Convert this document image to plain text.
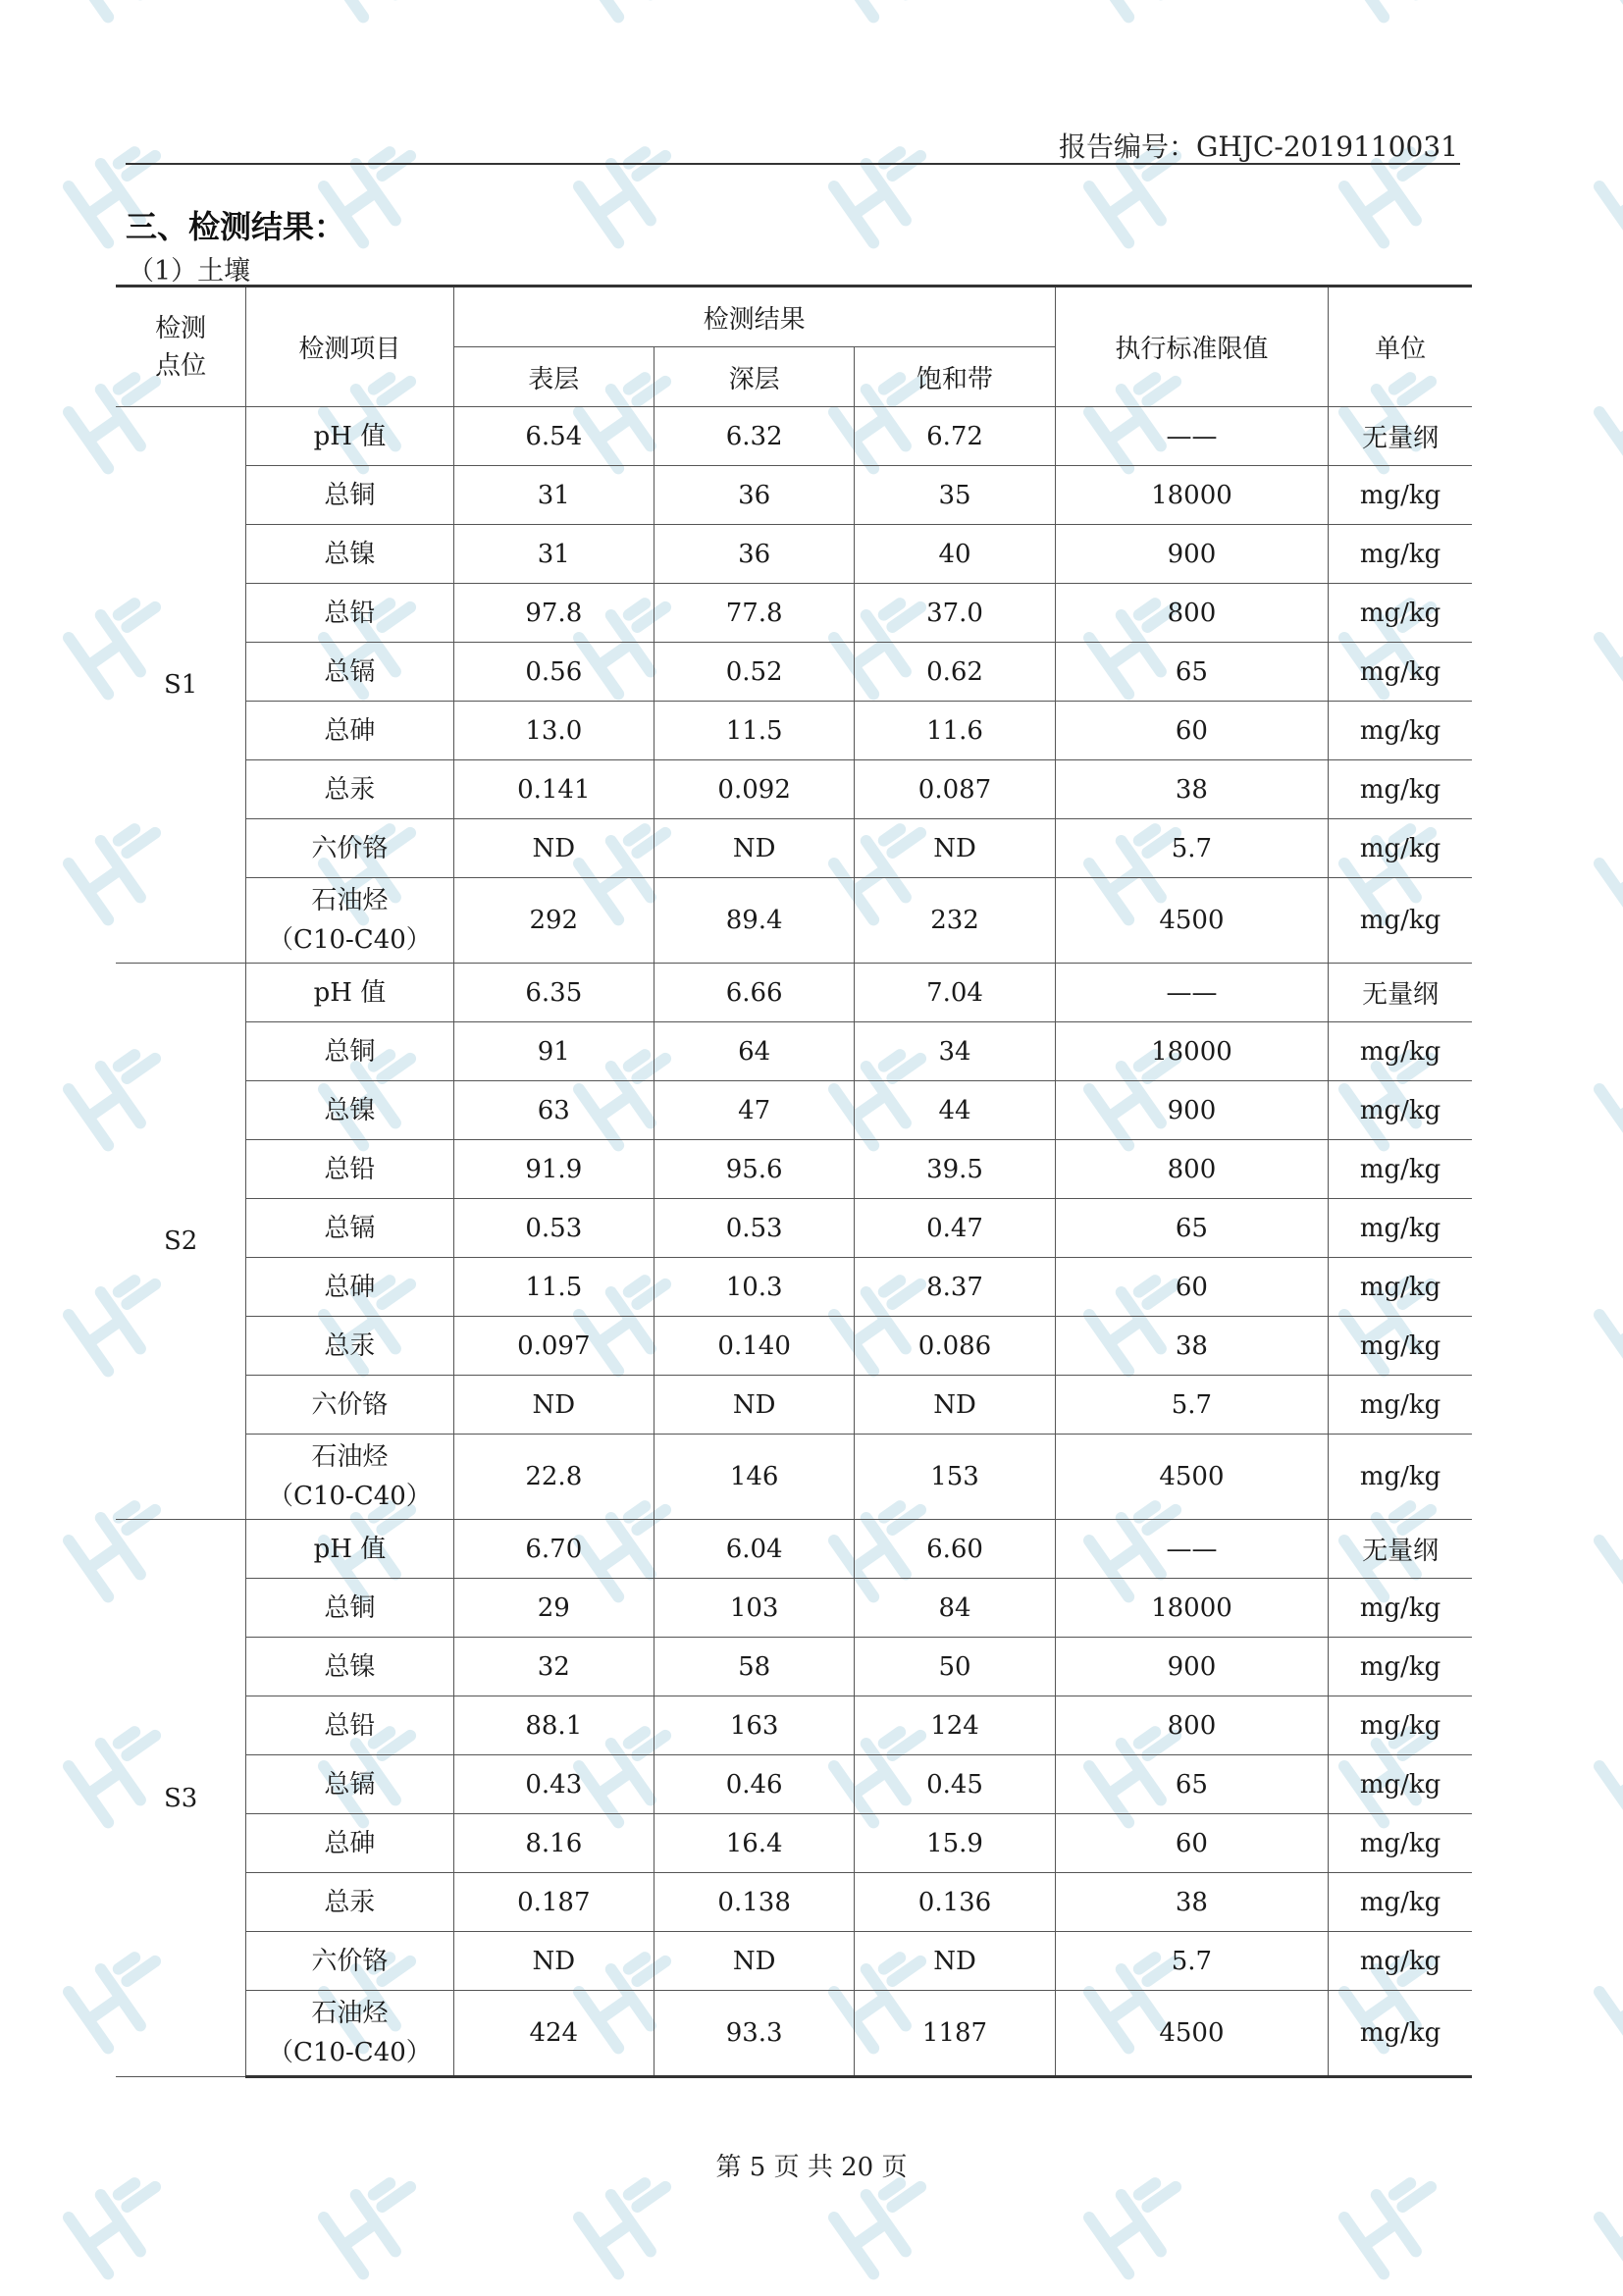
报告编号：GHJC-2019110031
三、检测结果：
（1）土壤
检测
点位	检测项目	检测结果			执行标准限值	单位
		表层	深层	饱和带		
S1	pH 值	6.54	6.32	6.72	——	无量纲
	总铜	31	36	35	18000	mg/kg
	总镍	31	36	40	900	mg/kg
	总铅	97.8	77.8	37.0	800	mg/kg
	总镉	0.56	0.52	0.62	65	mg/kg
	总砷	13.0	11.5	11.6	60	mg/kg
	总汞	0.141	0.092	0.087	38	mg/kg
	六价铬	ND	ND	ND	5.7	mg/kg
	石油烃
（C10-C40）	292	89.4	232	4500	mg/kg
S2	pH 值	6.35	6.66	7.04	——	无量纲
	总铜	91	64	34	18000	mg/kg
	总镍	63	47	44	900	mg/kg
	总铅	91.9	95.6	39.5	800	mg/kg
	总镉	0.53	0.53	0.47	65	mg/kg
	总砷	11.5	10.3	8.37	60	mg/kg
	总汞	0.097	0.140	0.086	38	mg/kg
	六价铬	ND	ND	ND	5.7	mg/kg
	石油烃
（C10-C40）	22.8	146	153	4500	mg/kg
S3	pH 值	6.70	6.04	6.60	——	无量纲
	总铜	29	103	84	18000	mg/kg
	总镍	32	58	50	900	mg/kg
	总铅	88.1	163	124	800	mg/kg
	总镉	0.43	0.46	0.45	65	mg/kg
	总砷	8.16	16.4	15.9	60	mg/kg
	总汞	0.187	0.138	0.136	38	mg/kg
	六价铬	ND	ND	ND	5.7	mg/kg
	石油烃
（C10-C40）	424	93.3	1187	4500	mg/kg
第 5 页 共 20 页
